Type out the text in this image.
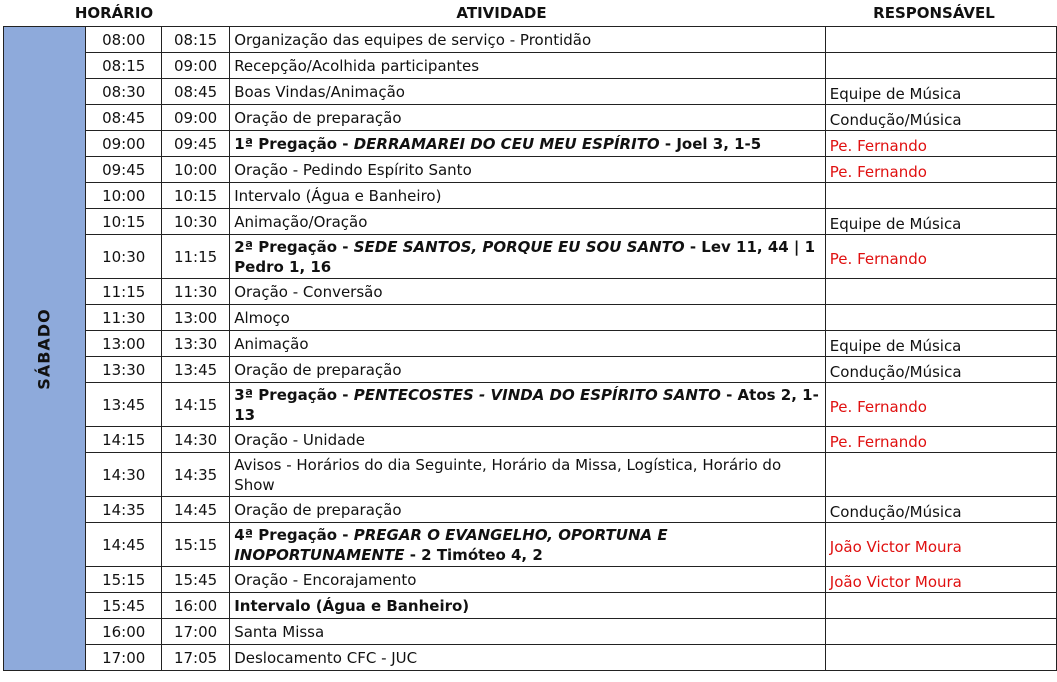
HORÁRIO	ATIVIDADE	RESPONSÁVEL
SÁBADO	08:00	08:15	Organização das equipes de serviço - Prontidão	
	08:15	09:00	Recepção/Acolhida participantes	
	08:30	08:45	Boas Vindas/Animação	Equipe de Música
	08:45	09:00	Oração de preparação	Condução/Música
	09:00	09:45	1ª Pregação - DERRAMAREI DO CEU MEU ESPÍRITO - Joel 3, 1-5	Pe. Fernando
	09:45	10:00	Oração - Pedindo Espírito Santo	Pe. Fernando
	10:00	10:15	Intervalo (Água e Banheiro)	
	10:15	10:30	Animação/Oração	Equipe de Música
	10:30	11:15	2ª Pregação - SEDE SANTOS, PORQUE EU SOU SANTO - Lev 11, 44 | 1 Pedro 1, 16	Pe. Fernando
	11:15	11:30	Oração - Conversão	
	11:30	13:00	Almoço	
	13:00	13:30	Animação	Equipe de Música
	13:30	13:45	Oração de preparação	Condução/Música
	13:45	14:15	3ª Pregação - PENTECOSTES - VINDA DO ESPÍRITO SANTO - Atos 2, 1-13	Pe. Fernando
	14:15	14:30	Oração - Unidade	Pe. Fernando
	14:30	14:35	Avisos - Horários do dia Seguinte, Horário da Missa, Logística, Horário do Show	
	14:35	14:45	Oração de preparação	Condução/Música
	14:45	15:15	4ª Pregação - PREGAR O EVANGELHO, OPORTUNA E INOPORTUNAMENTE - 2 Timóteo 4, 2	João Victor Moura
	15:15	15:45	Oração - Encorajamento	João Victor Moura
	15:45	16:00	Intervalo (Água e Banheiro)	
	16:00	17:00	Santa Missa	
	17:00	17:05	Deslocamento CFC - JUC	
